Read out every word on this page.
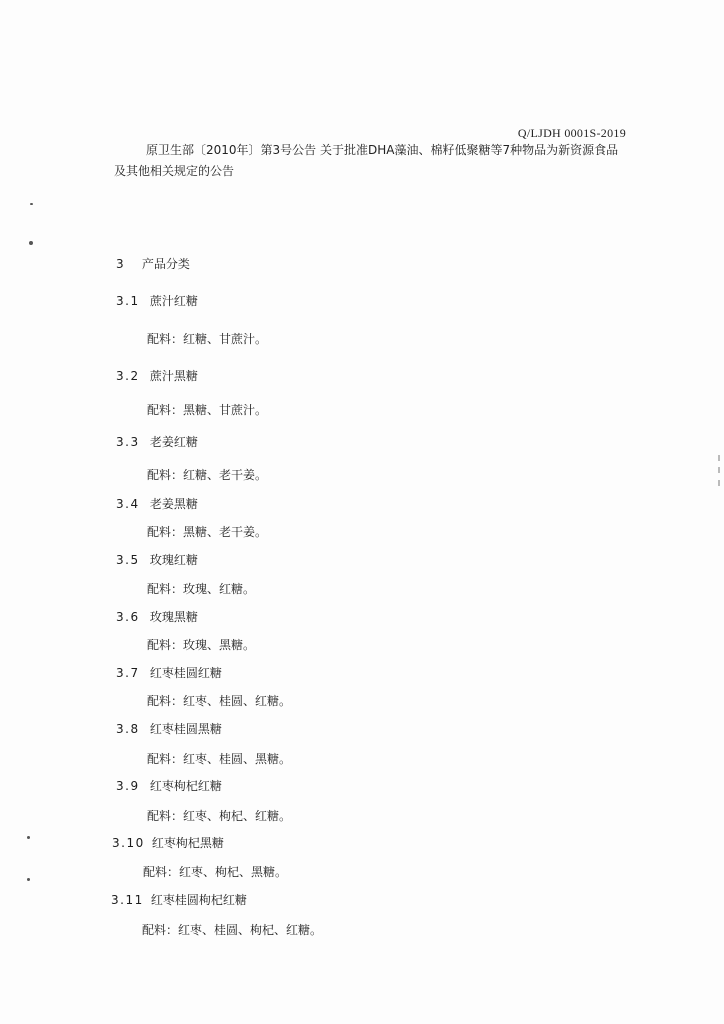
Q/LJDH 0001S-2019
原卫生部〔2010年〕第3号公告 关于批准DHA藻油、棉籽低聚糖等7种物品为新资源食品
及其他相关规定的公告
3 产品分类
3.1 蔗汁红糖
配料：红糖、甘蔗汁。
3.2 蔗汁黑糖
配料：黑糖、甘蔗汁。
3.3 老姜红糖
配料：红糖、老干姜。
3.4 老姜黑糖
配料：黑糖、老干姜。
3.5 玫瑰红糖
配料：玫瑰、红糖。
3.6 玫瑰黑糖
配料：玫瑰、黑糖。
3.7 红枣桂圆红糖
配料：红枣、桂圆、红糖。
3.8 红枣桂圆黑糖
配料：红枣、桂圆、黑糖。
3.9 红枣枸杞红糖
配料：红枣、枸杞、红糖。
3.10 红枣枸杞黑糖
配料：红枣、枸杞、黑糖。
3.11 红枣桂圆枸杞红糖
配料：红枣、桂圆、枸杞、红糖。
